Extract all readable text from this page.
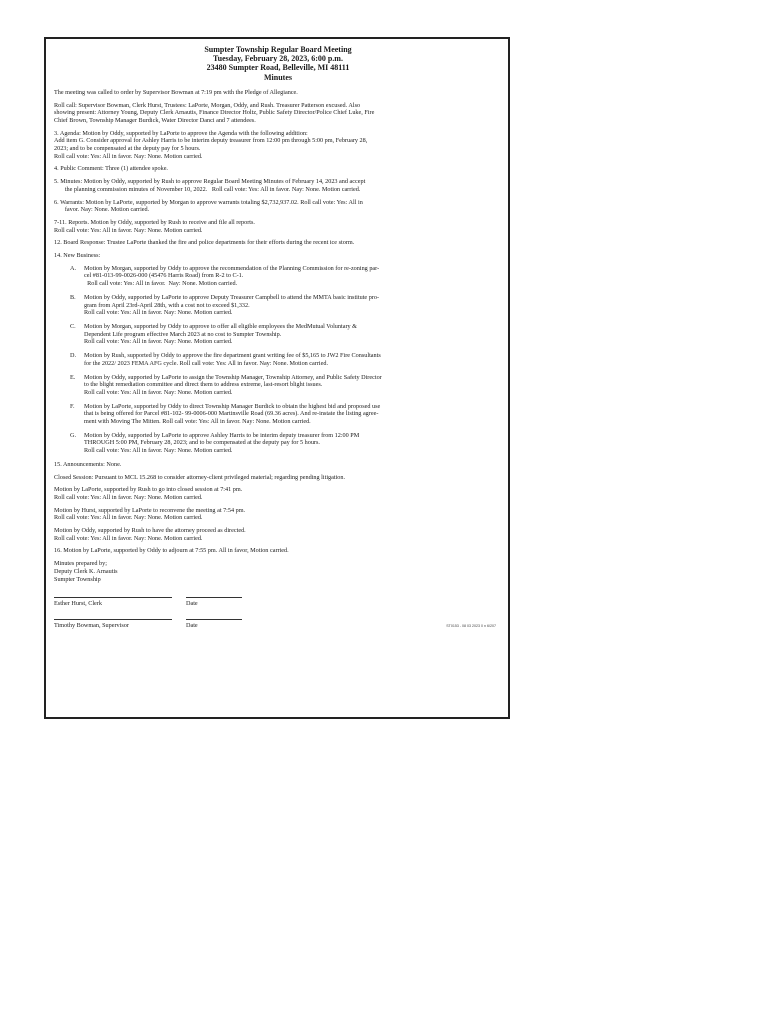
Sumpter Township Regular Board Meeting
Tuesday, February 28, 2023, 6:00 p.m.
23480 Sumpter Road, Belleville, MI 48111
Minutes

The meeting was called to order by Supervisor Bowman at 7:19 pm with the Pledge of Allegiance.

Roll call: Supervisor Bowman, Clerk Hurst, Trustees: LaPorte, Morgan, Oddy, and Rush. Treasurer Patterson excused. Also
showing present: Attorney Young, Deputy Clerk Arnautis, Finance Director Holtz, Public Safety Director/Police Chief Luke, Fire
Chief Brown, Township Manager Burdick, Water Director Danci and 7 attendees.

3. Agenda: Motion by Oddy, supported by LaPorte to approve the Agenda with the following addition:
Add item G. Consider approval for Ashley Harris to be interim deputy treasurer from 12:00 pm through 5:00 pm, February 28,
2023; and to be compensated at the deputy pay for 5 hours.
Roll call vote: Yes: All in favor. Nay: None. Motion carried.

4. Public Comment: Three (1) attendee spoke.

5. Minutes: Motion by Oddy, supported by Rush to approve Regular Board Meeting Minutes of February 14, 2023 and accept
the planning commission minutes of November 10, 2022.   Roll call vote: Yes: All in favor. Nay: None. Motion carried.

6. Warrants: Motion by LaPorte, supported by Morgan to approve warrants totaling $2,732,937.02. Roll call vote: Yes: All in
favor. Nay: None. Motion carried.

7-11. Reports. Motion by Oddy, supported by Rush to receive and file all reports.
Roll call vote: Yes: All in favor. Nay: None. Motion carried.

12. Board Response: Trustee LaPorte thanked the fire and police departments for their efforts during the recent ice storm.

14. New Business:

A. Motion by Morgan, supported by Oddy to approve the recommendation of the Planning Commission for re-zoning par-
cel #81-013-99-0026-000 (45476 Harris Road) from R-2 to C-1.
Roll call vote: Yes: All in favor.  Nay: None. Motion carried.
B. Motion by Oddy, supported by LaPorte to approve Deputy Treasurer Campbell to attend the MMTA basic institute pro-
gram from April 23rd-April 28th, with a cost not to exceed $1,332.
Roll call vote: Yes: All in favor. Nay: None. Motion carried.
C. Motion by Morgan, supported by Oddy to approve to offer all eligible employees the MedMutual Voluntary &
Dependent Life program effective March 2023 at no cost to Sumpter Township.
Roll call vote: Yes: All in favor. Nay: None. Motion carried.
D. Motion by Rush, supported by Oddy to approve the fire department grant writing fee of $5,165 to JW2 Fire Consultants
for the 2022/ 2023 FEMA AFG cycle. Roll call vote: Yes: All in favor. Nay: None. Motion carried.
E. Motion by Oddy, supported by LaPorte to assign the Township Manager, Township Attorney, and Public Safety Director
to the blight remediation committee and direct them to address extreme, last-resort blight issues.
Roll call vote: Yes: All in favor. Nay: None. Motion carried.
F. Motion by LaPorte, supported by Oddy to direct Township Manager Burdick to obtain the highest bid and proposed use
that is being offered for Parcel #81-102- 99-0006-000 Martinsville Road (69.36 acres). And re-instate the listing agree-
ment with Moving The Mitten. Roll call vote: Yes: All in favor. Nay: None. Motion carried.
G. Motion by Oddy, supported by LaPorte to approve Ashley Harris to be interim deputy treasurer from 12:00 PM
THROUGH 5:00 PM, February 28, 2023; and to be compensated at the deputy pay for 5 hours.
Roll call vote: Yes: All in favor. Nay: None. Motion carried.

15. Announcements: None.

Closed Session: Pursuant to MCL 15.268 to consider attorney-client privileged material; regarding pending litigation.

Motion by LaPorte, supported by Rush to go into closed session at 7:41 pm.
Roll call vote: Yes: All in favor. Nay: None. Motion carried.

Motion by Hurst, supported by LaPorte to reconvene the meeting at 7:54 pm.
Roll call vote: Yes: All in favor. Nay: None. Motion carried.

Motion by Oddy, supported by Rush to have the attorney proceed as directed.
Roll call vote: Yes: All in favor. Nay: None. Motion carried.

16. Motion by LaPorte, supported by Oddy to adjourn at 7:55 pm. All in favor, Motion carried.

Minutes prepared by;
Deputy Clerk K. Arnautis
Sumpter Township
Esther Hurst, Clerk	Date
Timothy Bowman, Supervisor	Date	ST0153 - 08 03 2023 0 n 6/207
